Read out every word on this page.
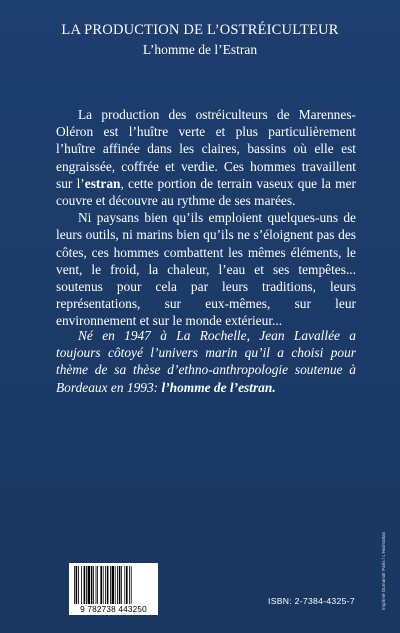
LA PRODUCTION DE L’OSTRÉICULTEUR
L’homme de l’Estran

La production des ostréiculteurs de Marennes-Oléron est l’huître verte et plus particulièrement l’huître affinée dans les claires, bassins où elle est engraissée, coffrée et verdie. Ces hommes travaillent sur l’estran, cette portion de terrain vaseux que la mer couvre et découvre au rythme de ses marées.

Ni paysans bien qu’ils emploient quelques-uns de leurs outils, ni marins bien qu’ils ne s’éloignent pas des côtes, ces hommes combattent les mêmes éléments, le vent, le froid, la chaleur, l’eau et ses tempêtes... soutenus pour cela par leurs traditions, leurs représentations, sur eux-mêmes, sur leur environnement et sur le monde extérieur...

Né en 1947 à La Rochelle, Jean Lavallée a toujours côtoyé l’univers marin qu’il a choisi pour thème de sa thèse d’ethno-anthropologie soutenue à Bordeaux en 1993: l’homme de l’estran.
9 782738 443250
ISBN: 2-7384-4325-7	Imprimé Dumanoir Paris / L'Harmattan
